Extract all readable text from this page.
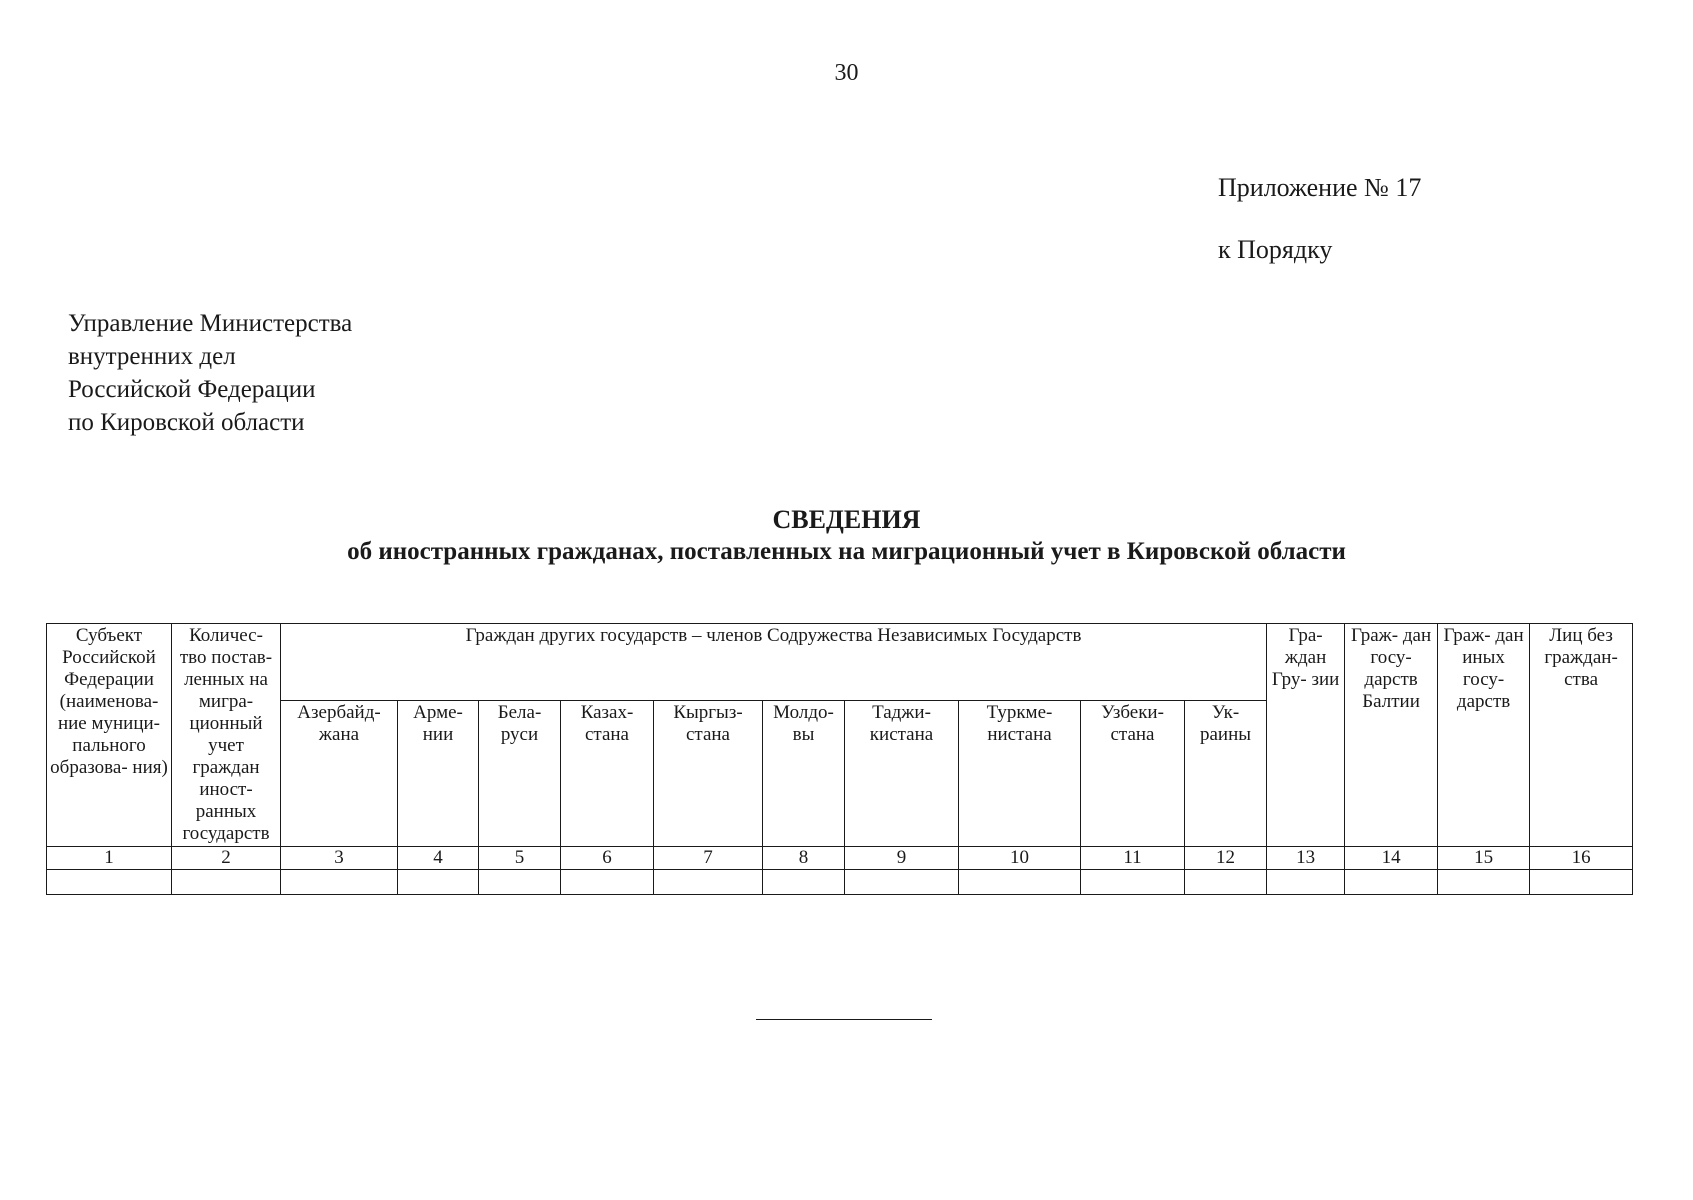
30
Приложение № 17
к Порядку
Управление Министерства
внутренних дел
Российской Федерации
по Кировской области
СВЕДЕНИЯ
об иностранных гражданах, поставленных на миграционный учет в Кировской области
Субъект Российской Федерации (наименова- ние муници- пального образова- ния)	Количес- тво постав- ленных на мигра- ционный учет граждан иност- ранных государств	Граждан других государств – членов Содружества Независимых Государств										Гра- ждан Гру- зии	Граж- дан госу- дарств Балтии	Граж- дан иных госу- дарств	Лиц без граждан- ства
		Азербайд- жана	Арме- нии	Бела- руси	Казах- стана	Кыргыз- стана	Молдо- вы	Таджи- кистана	Туркме- нистана	Узбеки- стана	Ук- раины				
1	2	3	4	5	6	7	8	9	10	11	12	13	14	15	16
